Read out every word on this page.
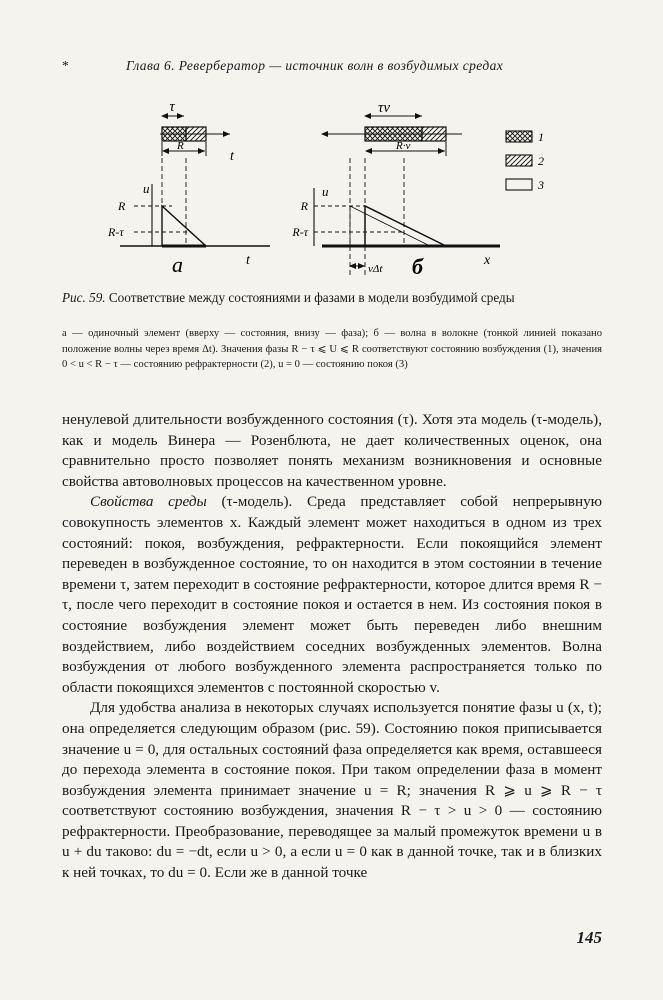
*	Глава 6. Ревербератор — источник волн в возбудимых средах
τ
R
t
u
R
R-τ
a	t
τv
R·v
u
R
R-τ
vΔt б	x
1
2
3
Рис. 59. Соответствие между состояниями и фазами в модели возбудимой среды
а — одиночный элемент (вверху — состояния, внизу — фаза); б — волна в волокне (тонкой линией показано положение волны через время Δt). Значения фазы R − τ ⩽ U ⩽ R соответствуют состоянию возбуждения (1), значения 0 < u < R − τ — состоянию рефрактерности (2), u = 0 — состоянию покоя (3)

ненулевой длительности возбужденного состояния (τ). Хотя эта модель (τ-модель), как и модель Винера — Розенблюта, не дает количественных оценок, она сравнительно просто позволяет понять механизм возникновения и основные свойства автоволновых процессов на качественном уровне.

Свойства среды (τ-модель). Среда представляет собой непрерывную совокупность элементов x. Каждый элемент может находиться в одном из трех состояний: покоя, возбуждения, рефрактерности. Если покоящийся элемент переведен в возбужденное состояние, то он находится в этом состоянии в течение времени τ, затем переходит в состояние рефрактерности, которое длится время R − τ, после чего переходит в состояние покоя и остается в нем. Из состояния покоя в состояние возбуждения элемент может быть переведен либо внешним воздействием, либо воздействием соседних возбужденных элементов. Волна возбуждения от любого возбужденного элемента распространяется только по области покоящихся элементов с постоянной скоростью v.

Для удобства анализа в некоторых случаях используется понятие фазы u (x, t); она определяется следующим образом (рис. 59). Состоянию покоя приписывается значение u = 0, для остальных состояний фаза определяется как время, оставшееся до перехода элемента в состояние покоя. При таком определении фаза в момент возбуждения элемента принимает значение u = R; значения R ⩾ u ⩾ R − τ соответствуют состоянию возбуждения, значения R − τ > u > 0 — состоянию рефрактерности. Преобразование, переводящее за малый промежуток времени u в u + du таково: du = −dt, если u > 0, а если u = 0 как в данной точке, так и в близких к ней точках, то du = 0. Если же в данной точке

145
